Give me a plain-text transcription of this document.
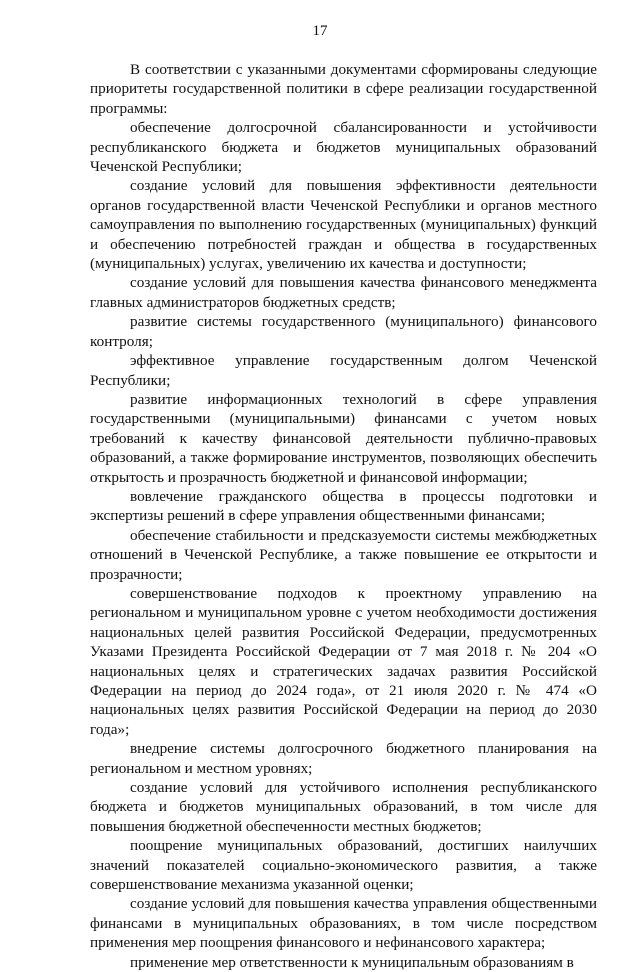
17

В соответствии с указанными документами сформированы следующие приоритеты государственной политики в сфере реализации государственной программы:

обеспечение долгосрочной сбалансированности и устойчивости республиканского бюджета и бюджетов муниципальных образований Чеченской Республики;

создание условий для повышения эффективности деятельности органов государственной власти Чеченской Республики и органов местного самоуправления по выполнению государственных (муниципальных) функций и обеспечению потребностей граждан и общества в государственных (муниципальных) услугах, увеличению их качества и доступности;

создание условий для повышения качества финансового менеджмента главных администраторов бюджетных средств;

развитие системы государственного (муниципального) финансового контроля;

эффективное управление государственным долгом Чеченской Республики;

развитие информационных технологий в сфере управления государственными (муниципальными) финансами с учетом новых требований к качеству финансовой деятельности публично-правовых образований, а также формирование инструментов, позволяющих обеспечить открытость и прозрачность бюджетной и финансовой информации;

вовлечение гражданского общества в процессы подготовки и экспертизы решений в сфере управления общественными финансами;

обеспечение стабильности и предсказуемости системы межбюджетных отношений в Чеченской Республике, а также повышение ее открытости и прозрачности;

совершенствование подходов к проектному управлению на региональном и муниципальном уровне с учетом необходимости достижения национальных целей развития Российской Федерации, предусмотренных Указами Президента Российской Федерации от 7 мая 2018 г. № 204 «О национальных целях и стратегических задачах развития Российской Федерации на период до 2024 года», от 21 июля 2020 г. № 474 «О национальных целях развития Российской Федерации на период до 2030 года»;

внедрение системы долгосрочного бюджетного планирования на региональном и местном уровнях;

создание условий для устойчивого исполнения республиканского бюджета и бюджетов муниципальных образований, в том числе для повышения бюджетной обеспеченности местных бюджетов;

поощрение муниципальных образований, достигших наилучших значений показателей социально-экономического развития, а также совершенствование механизма указанной оценки;

создание условий для повышения качества управления общественными финансами в муниципальных образованиях, в том числе посредством применения мер поощрения финансового и нефинансового характера;

применение мер ответственности к муниципальным образованиям в
